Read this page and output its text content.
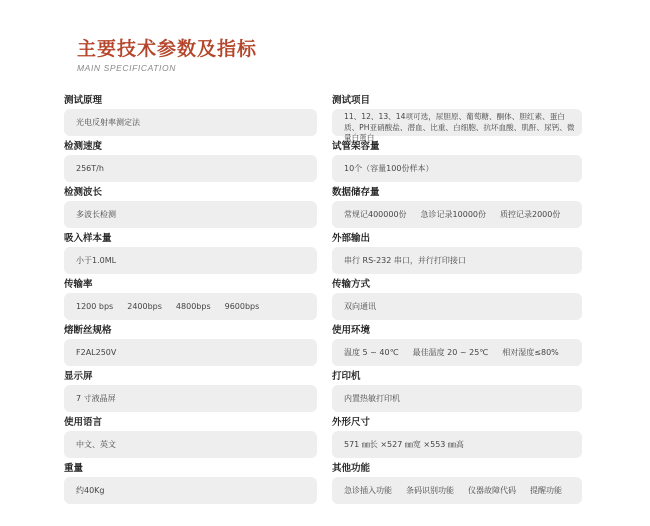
主要技术参数及指标
MAIN SPECIFICATION
测试原理
光电反射率测定法
检测速度
256T/h
检测波长
多波长检测
吸入样本量
小于1.0ML
传输率
1200 bps 2400bps 4800bps 9600bps
熔断丝规格
F2AL250V
显示屏
7 寸液晶屏
使用语言
中文、英文
重量
约40Kg
测试项目
11、12、13、14项可选，尿胆原、葡萄糖、酮体、胆红素、蛋白质、PH亚硝酸盐、潜血、比重、白细胞、抗坏血酸、肌酐、尿钙、微量白蛋白
试管架容量
10个（容量100份样本）
数据储存量
常规记400000份 急诊记录10000份 质控记录2000份
外部输出
串行 RS-232 串口，并行打印接口
传输方式
双向通讯
使用环境
温度 5 ~ 40℃ 最佳温度 20 ~ 25℃ 相对湿度≤80%
打印机
内置热敏打印机
外形尺寸
571 ㎜长 ×527 ㎜宽 ×553 ㎜高
其他功能
急诊插入功能 条码识别功能 仪器故障代码 提醒功能
